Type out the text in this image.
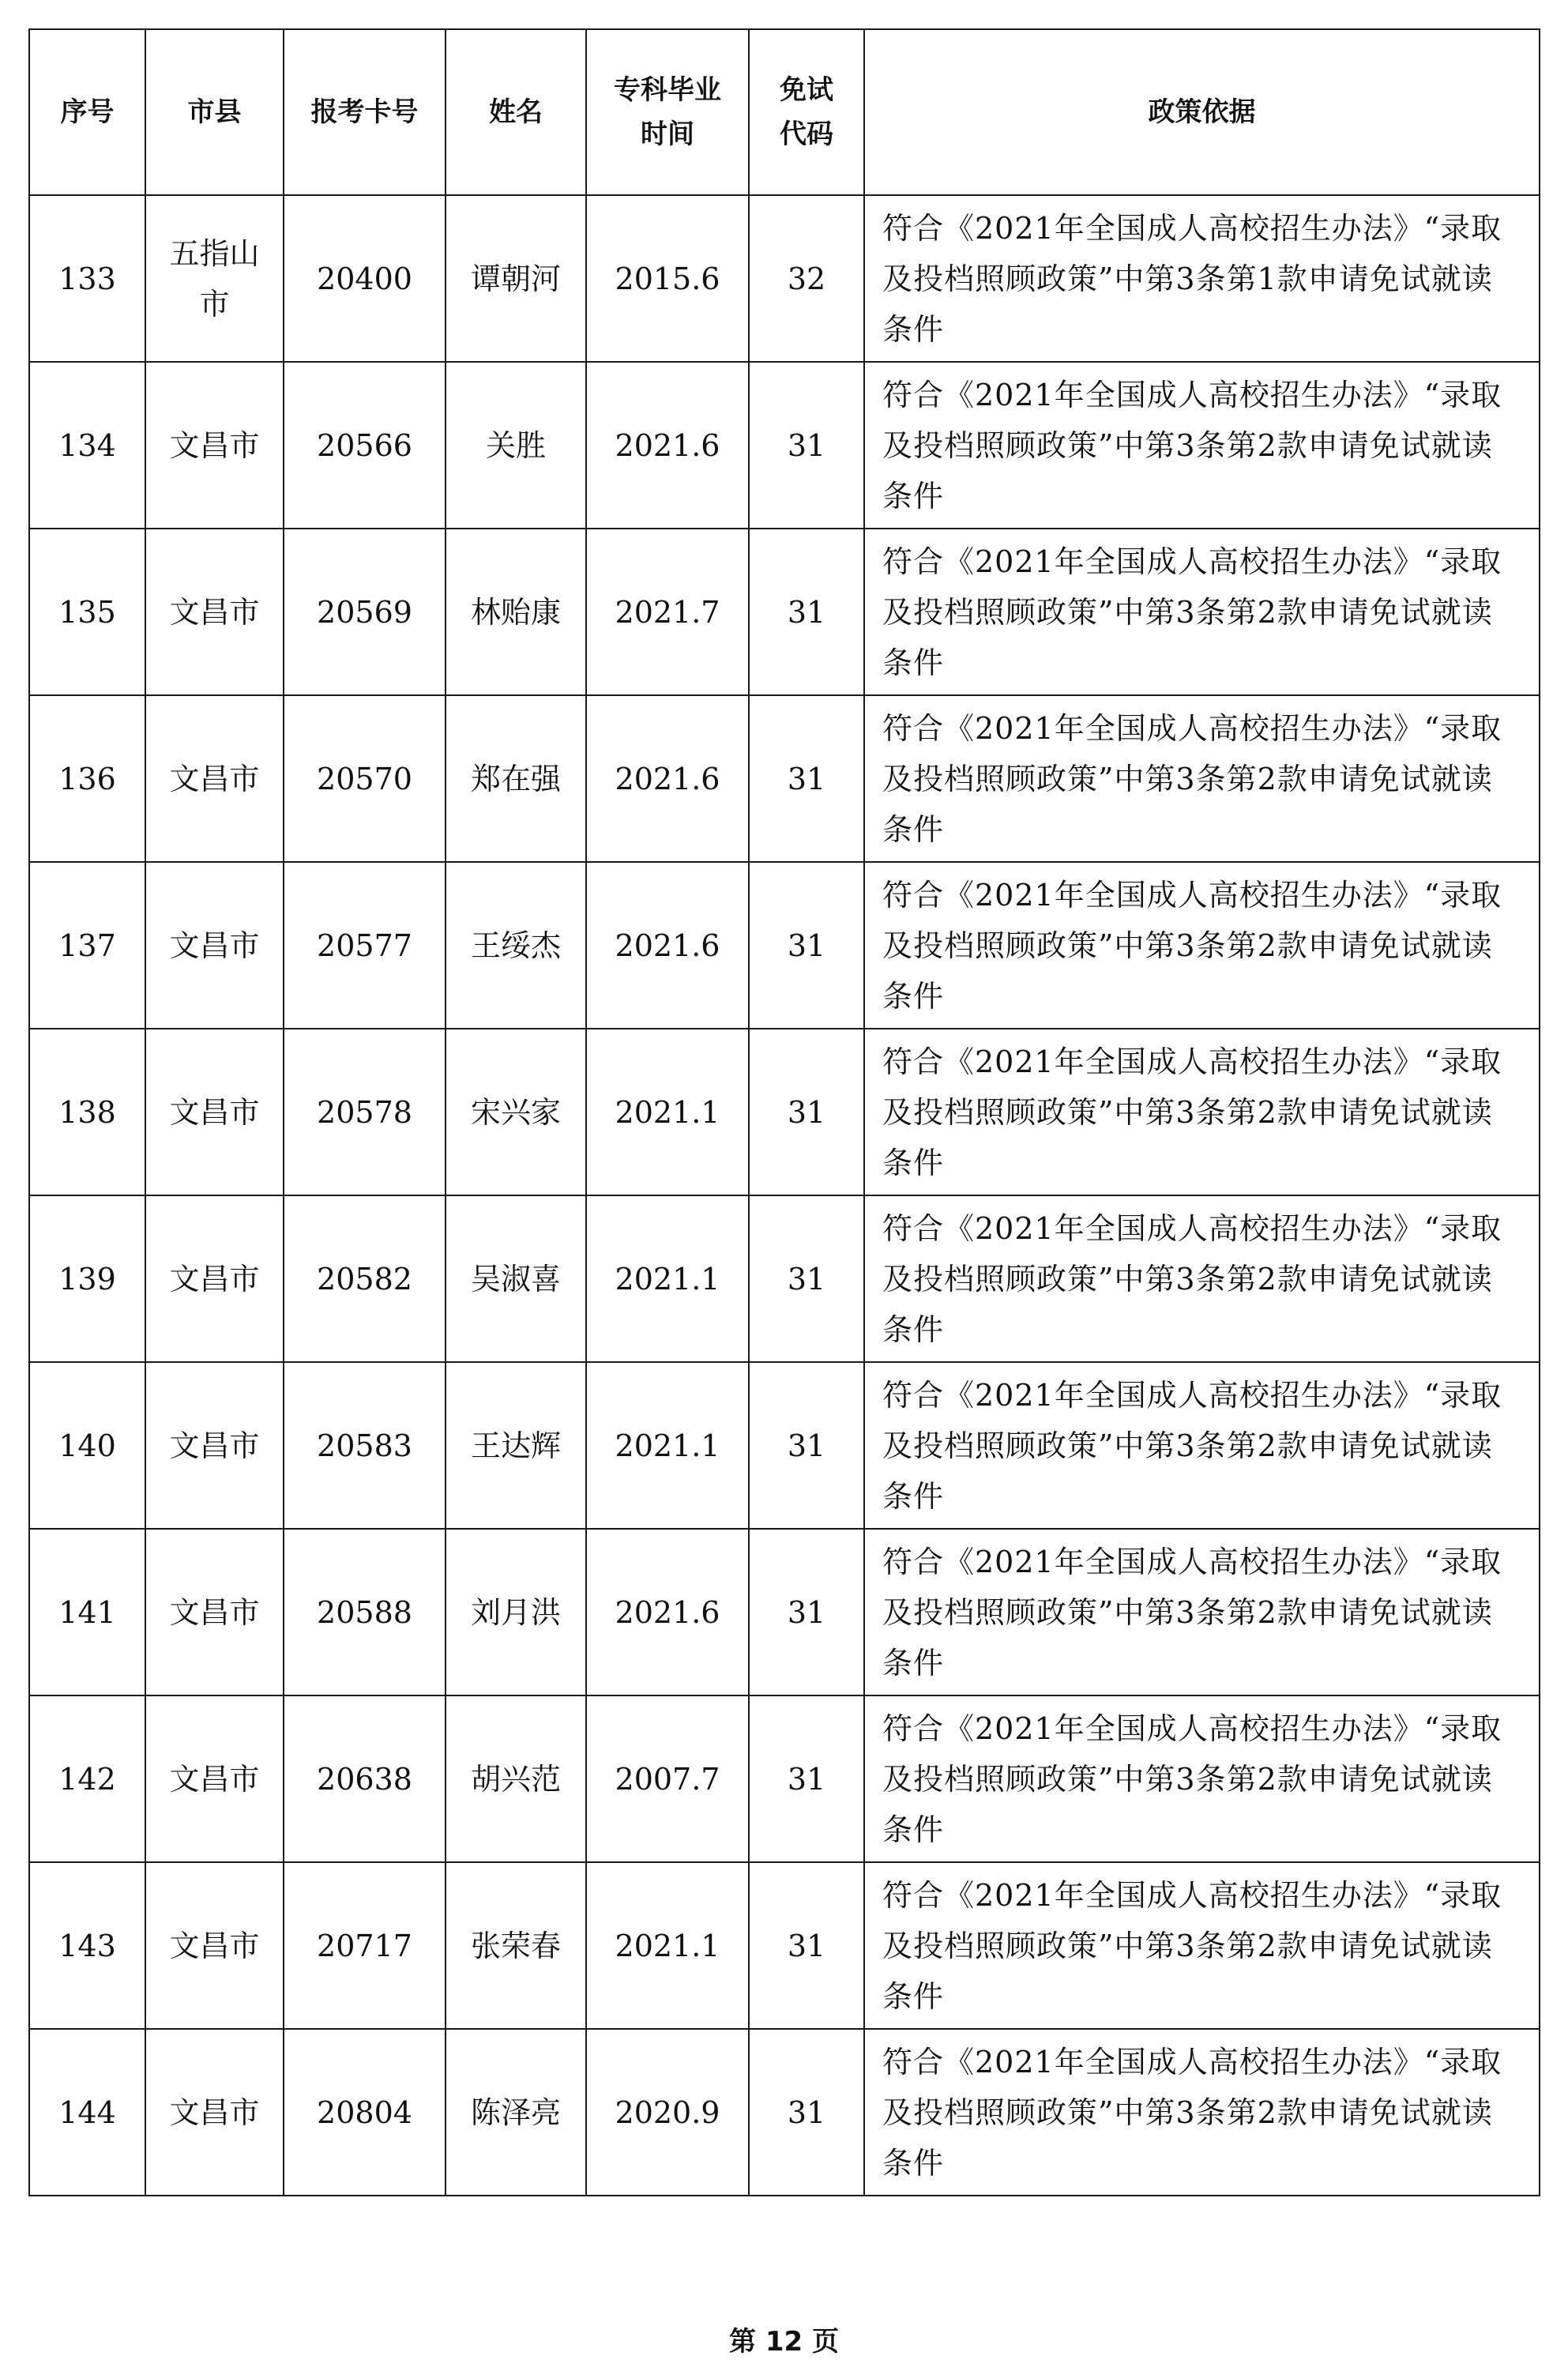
序号	市县	报考卡号	姓名	专科毕业时间	免试代码	政策依据
133	五指山市	20400	谭朝河	2015.6	32	符合《2021年全国成人高校招生办法》“录取及投档照顾政策”中第3条第1款申请免试就读条件
134	文昌市	20566	关胜	2021.6	31	符合《2021年全国成人高校招生办法》“录取及投档照顾政策”中第3条第2款申请免试就读条件
135	文昌市	20569	林贻康	2021.7	31	符合《2021年全国成人高校招生办法》“录取及投档照顾政策”中第3条第2款申请免试就读条件
136	文昌市	20570	郑在强	2021.6	31	符合《2021年全国成人高校招生办法》“录取及投档照顾政策”中第3条第2款申请免试就读条件
137	文昌市	20577	王绥杰	2021.6	31	符合《2021年全国成人高校招生办法》“录取及投档照顾政策”中第3条第2款申请免试就读条件
138	文昌市	20578	宋兴家	2021.1	31	符合《2021年全国成人高校招生办法》“录取及投档照顾政策”中第3条第2款申请免试就读条件
139	文昌市	20582	吴淑喜	2021.1	31	符合《2021年全国成人高校招生办法》“录取及投档照顾政策”中第3条第2款申请免试就读条件
140	文昌市	20583	王达辉	2021.1	31	符合《2021年全国成人高校招生办法》“录取及投档照顾政策”中第3条第2款申请免试就读条件
141	文昌市	20588	刘月洪	2021.6	31	符合《2021年全国成人高校招生办法》“录取及投档照顾政策”中第3条第2款申请免试就读条件
142	文昌市	20638	胡兴范	2007.7	31	符合《2021年全国成人高校招生办法》“录取及投档照顾政策”中第3条第2款申请免试就读条件
143	文昌市	20717	张荣春	2021.1	31	符合《2021年全国成人高校招生办法》“录取及投档照顾政策”中第3条第2款申请免试就读条件
144	文昌市	20804	陈泽亮	2020.9	31	符合《2021年全国成人高校招生办法》“录取及投档照顾政策”中第3条第2款申请免试就读条件
第 12 页
